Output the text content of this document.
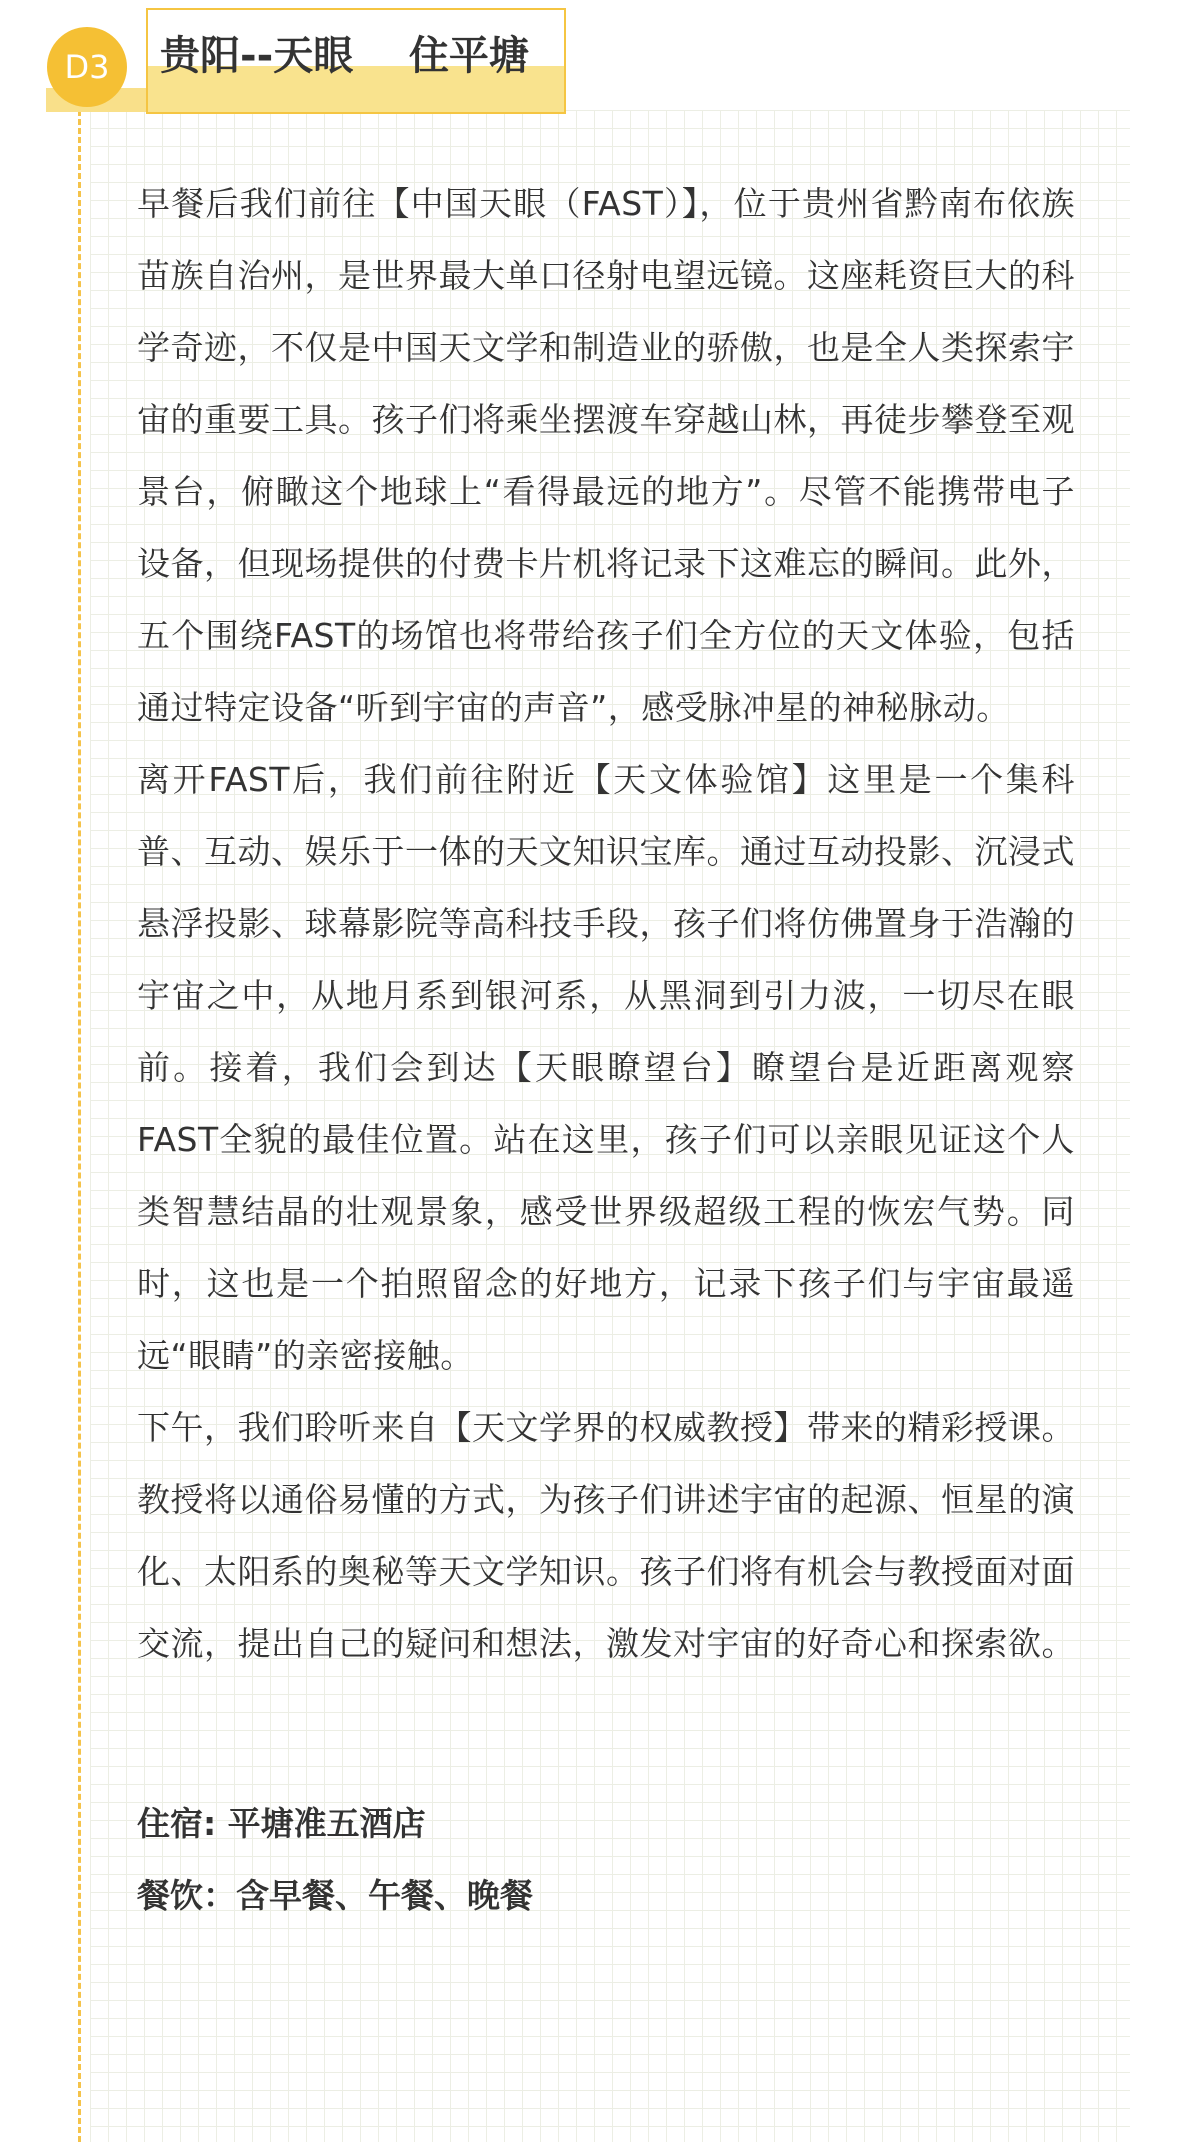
D3	贵阳--天眼    住平塘

早餐后我们前往【中国天眼（FAST）】，位于贵州省黔南布依族苗族自治州，是世界最大单口径射电望远镜。这座耗资巨大的科学奇迹，不仅是中国天文学和制造业的骄傲，也是全人类探索宇宙的重要工具。孩子们将乘坐摆渡车穿越山林，再徒步攀登至观景台，俯瞰这个地球上“看得最远的地方”。尽管不能携带电子设备，但现场提供的付费卡片机将记录下这难忘的瞬间。此外，五个围绕FAST的场馆也将带给孩子们全方位的天文体验，包括通过特定设备“听到宇宙的声音”，感受脉冲星的神秘脉动。

离开FAST后，我们前往附近【天文体验馆】这里是一个集科普、互动、娱乐于一体的天文知识宝库。通过互动投影、沉浸式悬浮投影、球幕影院等高科技手段，孩子们将仿佛置身于浩瀚的宇宙之中，从地月系到银河系，从黑洞到引力波，一切尽在眼前。接着，我们会到达【天眼瞭望台】瞭望台是近距离观察FAST全貌的最佳位置。站在这里，孩子们可以亲眼见证这个人类智慧结晶的壮观景象，感受世界级超级工程的恢宏气势。同时，这也是一个拍照留念的好地方，记录下孩子们与宇宙最遥远“眼睛”的亲密接触。

下午，我们聆听来自【天文学界的权威教授】带来的精彩授课。教授将以通俗易懂的方式，为孩子们讲述宇宙的起源、恒星的演化、太阳系的奥秘等天文学知识。孩子们将有机会与教授面对面交流，提出自己的疑问和想法，激发对宇宙的好奇心和探索欲。

住宿: 平塘准五酒店

餐饮：含早餐、午餐、晚餐
